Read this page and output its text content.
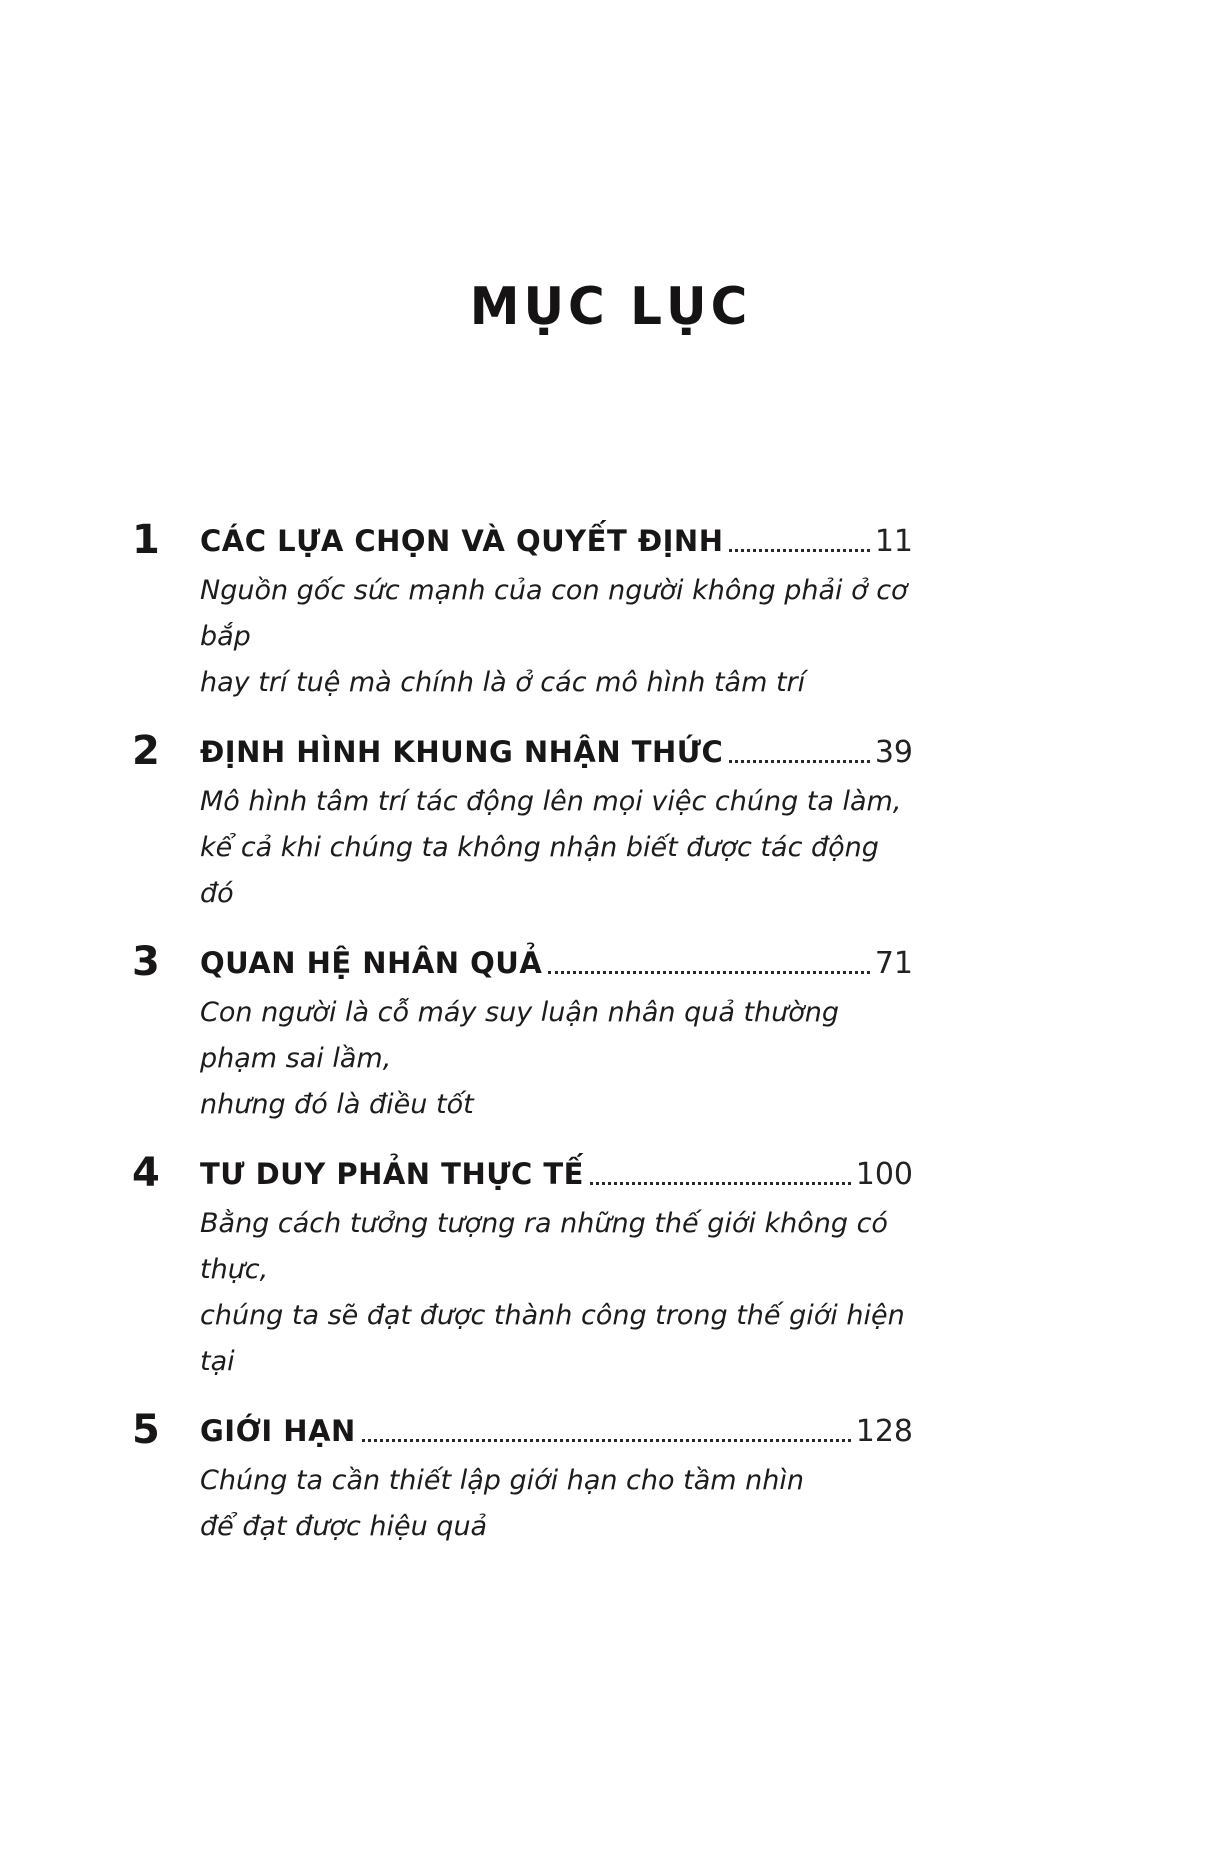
MỤC LỤC
1	CÁC LỰA CHỌN VÀ QUYẾT ĐỊNH	11
Nguồn gốc sức mạnh của con người không phải ở cơ bắp
hay trí tuệ mà chính là ở các mô hình tâm trí
2	ĐỊNH HÌNH KHUNG NHẬN THỨC	39
Mô hình tâm trí tác động lên mọi việc chúng ta làm,
kể cả khi chúng ta không nhận biết được tác động đó
3	QUAN HỆ NHÂN QUẢ	71
Con người là cỗ máy suy luận nhân quả thường phạm sai lầm,
nhưng đó là điều tốt
4	TƯ DUY PHẢN THỰC TẾ	100
Bằng cách tưởng tượng ra những thế giới không có thực,
chúng ta sẽ đạt được thành công trong thế giới hiện tại
5	GIỚI HẠN	128
Chúng ta cần thiết lập giới hạn cho tầm nhìn
để đạt được hiệu quả
